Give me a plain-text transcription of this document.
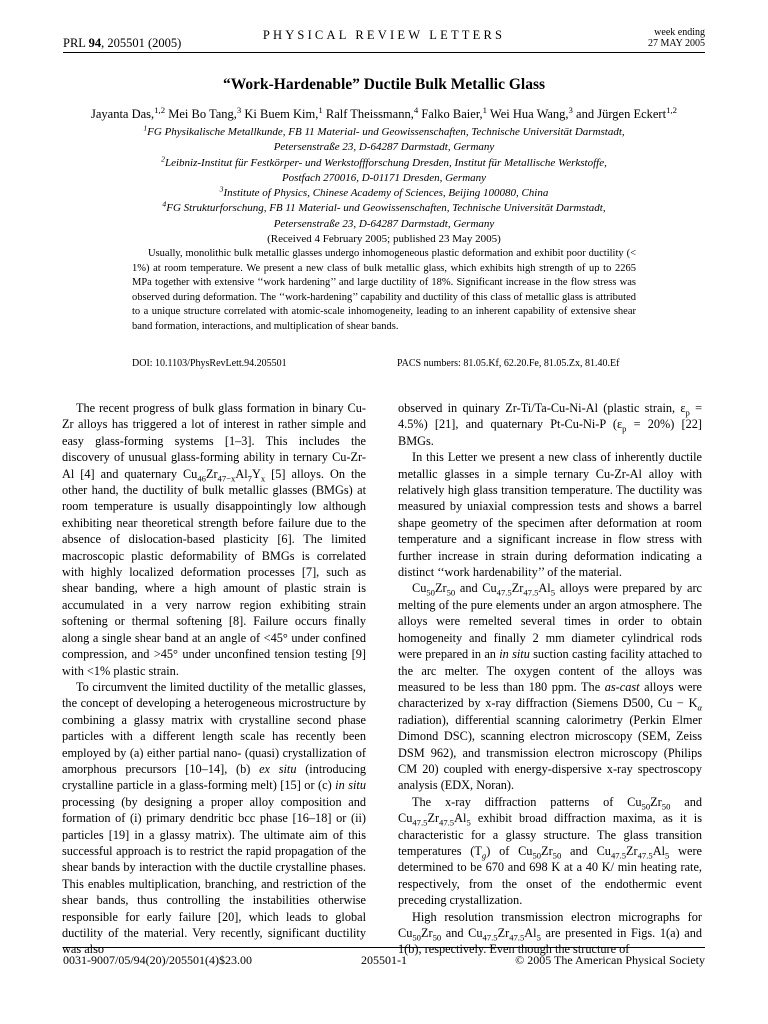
PRL 94, 205501 (2005)
PHYSICAL REVIEW LETTERS	week ending
27 MAY 2005
“Work-Hardenable” Ductile Bulk Metallic Glass
Jayanta Das,$^{1,2}$ Mei Bo Tang,$^3$ Ki Buem Kim,$^1$ Ralf Theissmann,$^4$ Falko Baier,$^1$ Wei Hua Wang,$^3$ and Jürgen Eckert$^{1,2}$
$^1$FG Physikalische Metallkunde, FB 11 Material- und Geowissenschaften, Technische Universität Darmstadt,
Petersenstraße 23, D-64287 Darmstadt, Germany
$^2$Leibniz-Institut für Festkörper- und Werkstoffforschung Dresden, Institut für Metallische Werkstoffe,
Postfach 270016, D-01171 Dresden, Germany
$^3$Institute of Physics, Chinese Academy of Sciences, Beijing 100080, China
$^4$FG Strukturforschung, FB 11 Material- und Geowissenschaften, Technische Universität Darmstadt,
Petersenstraße 23, D-64287 Darmstadt, Germany
(Received 4 February 2005; published 23 May 2005)
Usually, monolithic bulk metallic glasses undergo inhomogeneous plastic deformation and exhibit poor ductility (< 1%) at room temperature. We present a new class of bulk metallic glass, which exhibits high strength of up to 2265 MPa together with extensive ‘‘work hardening’’ and large ductility of 18%. Significant increase in the flow stress was observed during deformation. The ‘‘work-hardening’’ capability and ductility of this class of metallic glass is attributed to a unique structure correlated with atomic-scale inhomogeneity, leading to an inherent capability of extensive shear band formation, interactions, and multiplication of shear bands.
DOI: 10.1103/PhysRevLett.94.205501	PACS numbers: 81.05.Kf, 62.20.Fe, 81.05.Zx, 81.40.Ef

The recent progress of bulk glass formation in binary Cu-Zr alloys has triggered a lot of interest in rather simple and easy glass-forming systems [1–3]. This includes the discovery of unusual glass-forming ability in ternary Cu-Zr-Al [4] and quaternary $Cu_{46}Zr_{47-x}Al_7Y_x$ [5] alloys. On the other hand, the ductility of bulk metallic glasses (BMGs) at room temperature is usually disappointingly low although exhibiting near theoretical strength before failure due to the absence of dislocation-based plasticity [6]. The limited macroscopic plastic deformability of BMGs is correlated with highly localized deformation processes [7], such as shear banding, where a high amount of plastic strain is accumulated in a very narrow region exhibiting strain softening or thermal softening [8]. Failure occurs finally along a single shear band at an angle of <45° under confined compression, and >45° under unconfined tension testing [9] with <1% plastic strain.

To circumvent the limited ductility of the metallic glasses, the concept of developing a heterogeneous microstructure by combining a glassy matrix with crystalline second phase particles with a different length scale has recently been employed by (a) either partial nano- (quasi) crystallization of amorphous precursors [10–14], (b) ex situ (introducing crystalline particle in a glass-forming melt) [15] or (c) in situ processing (by designing a proper alloy composition and formation of (i) primary dendritic bcc phase [16–18] or (ii) particles [19] in a glassy matrix). The ultimate aim of this successful approach is to restrict the rapid propagation of the shear bands by interaction with the ductile crystalline phases. This enables multiplication, branching, and restriction of the shear bands, thus controlling the instabilities otherwise responsible for early failure [20], which leads to global ductility of the material. Very recently, significant ductility was also

observed in quinary Zr-Ti/Ta-Cu-Ni-Al (plastic strain, $\varepsilon_p = 4.5\%$) [21], and quaternary Pt-Cu-Ni-P $(\varepsilon_p = 20\%)$ [22] BMGs.

In this Letter we present a new class of inherently ductile metallic glasses in a simple ternary Cu-Zr-Al alloy with relatively high glass transition temperature. The ductility was measured by uniaxial compression tests and shows a barrel shape geometry of the specimen after deformation at room temperature and a significant increase in flow stress with further increase in strain during deformation indicating a distinct ‘‘work hardenability’’ of the material.

$Cu_{50}Zr_{50}$ and $Cu_{47.5}Zr_{47.5}Al_5$ alloys were prepared by arc melting of the pure elements under an argon atmosphere. The alloys were remelted several times in order to obtain homogeneity and finally 2 mm diameter cylindrical rods were prepared in an in situ suction casting facility attached to the arc melter. The oxygen content of the alloys was measured to be less than 180 ppm. The as-cast alloys were characterized by x-ray diffraction (Siemens D500, $Cu - K_\alpha$ radiation), differential scanning calorimetry (Perkin Elmer Dimond DSC), scanning electron microscopy (SEM, Zeiss DSM 962), and transmission electron microscopy (Philips CM 20) coupled with energy-dispersive x-ray spectroscopy analysis (EDX, Noran).

The x-ray diffraction patterns of $Cu_{50}Zr_{50}$ and $Cu_{47.5}Zr_{47.5}Al_5$ exhibit broad diffraction maxima, as it is characteristic for a glassy structure. The glass transition temperatures $(T_g)$ of $Cu_{50}Zr_{50}$ and $Cu_{47.5}Zr_{47.5}Al_5$ were determined to be 670 and 698 K at a 40 K/ min heating rate, respectively, from the onset of the endothermic event preceding crystallization.

High resolution transmission electron micrographs for $Cu_{50}Zr_{50}$ and $Cu_{47.5}Zr_{47.5}Al_5$ are presented in Figs. 1(a) and 1(b), respectively. Even though the structure of

0031-9007/05/94(20)/205501(4)$23.00	205501-1	© 2005 The American Physical Society
